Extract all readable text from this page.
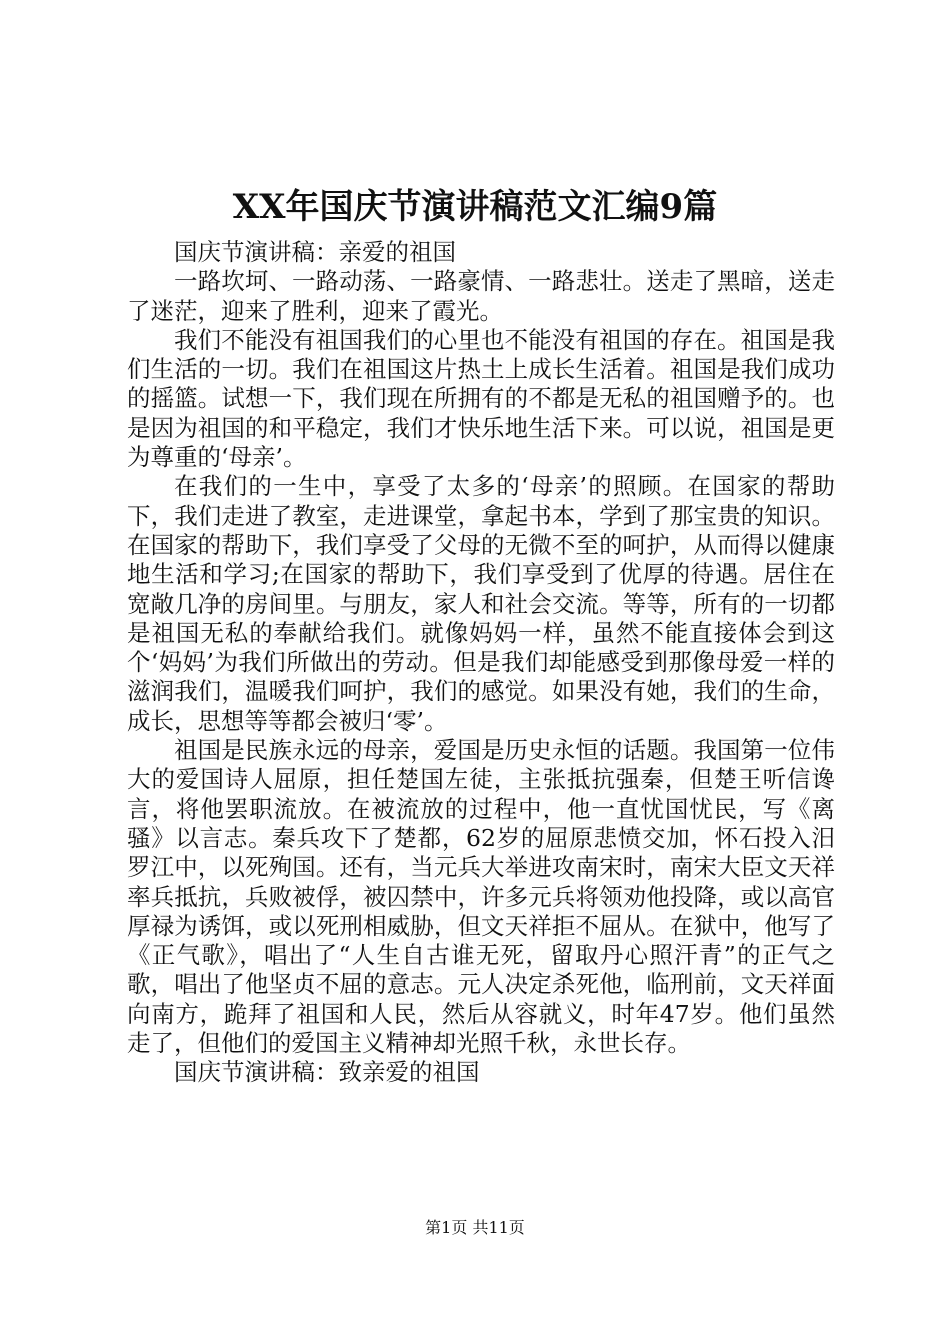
XX年国庆节演讲稿范文汇编9篇

国庆节演讲稿：亲爱的祖国

一路坎坷、一路动荡、一路豪情、一路悲壮。送走了黑暗，送走了迷茫，迎来了胜利，迎来了霞光。

我们不能没有祖国我们的心里也不能没有祖国的存在。祖国是我们生活的一切。我们在祖国这片热土上成长生活着。祖国是我们成功的摇篮。试想一下，我们现在所拥有的不都是无私的祖国赠予的。也是因为祖国的和平稳定，我们才快乐地生活下来。可以说，祖国是更为尊重的‘母亲’。

在我们的一生中，享受了太多的‘母亲’的照顾。在国家的帮助下，我们走进了教室，走进课堂，拿起书本，学到了那宝贵的知识。在国家的帮助下，我们享受了父母的无微不至的呵护，从而得以健康地生活和学习;在国家的帮助下，我们享受到了优厚的待遇。居住在宽敞几净的房间里。与朋友，家人和社会交流。等等，所有的一切都是祖国无私的奉献给我们。就像妈妈一样，虽然不能直接体会到这个‘妈妈’为我们所做出的劳动。但是我们却能感受到那像母爱一样的滋润我们，温暖我们呵护，我们的感觉。如果没有她，我们的生命，成长，思想等等都会被归‘零’。

祖国是民族永远的母亲，爱国是历史永恒的话题。我国第一位伟大的爱国诗人屈原，担任楚国左徒，主张抵抗强秦，但楚王听信谗言，将他罢职流放。在被流放的过程中，他一直忧国忧民，写《离骚》以言志。秦兵攻下了楚都，62岁的屈原悲愤交加，怀石投入汨罗江中，以死殉国。还有，当元兵大举进攻南宋时，南宋大臣文天祥率兵抵抗，兵败被俘，被囚禁中，许多元兵将领劝他投降，或以高官厚禄为诱饵，或以死刑相威胁，但文天祥拒不屈从。在狱中，他写了《正气歌》，唱出了“人生自古谁无死，留取丹心照汗青”的正气之歌，唱出了他坚贞不屈的意志。元人决定杀死他，临刑前，文天祥面向南方，跪拜了祖国和人民，然后从容就义，时年47岁。他们虽然走了，但他们的爱国主义精神却光照千秋，永世长存。

国庆节演讲稿：致亲爱的祖国

第1页 共11页
